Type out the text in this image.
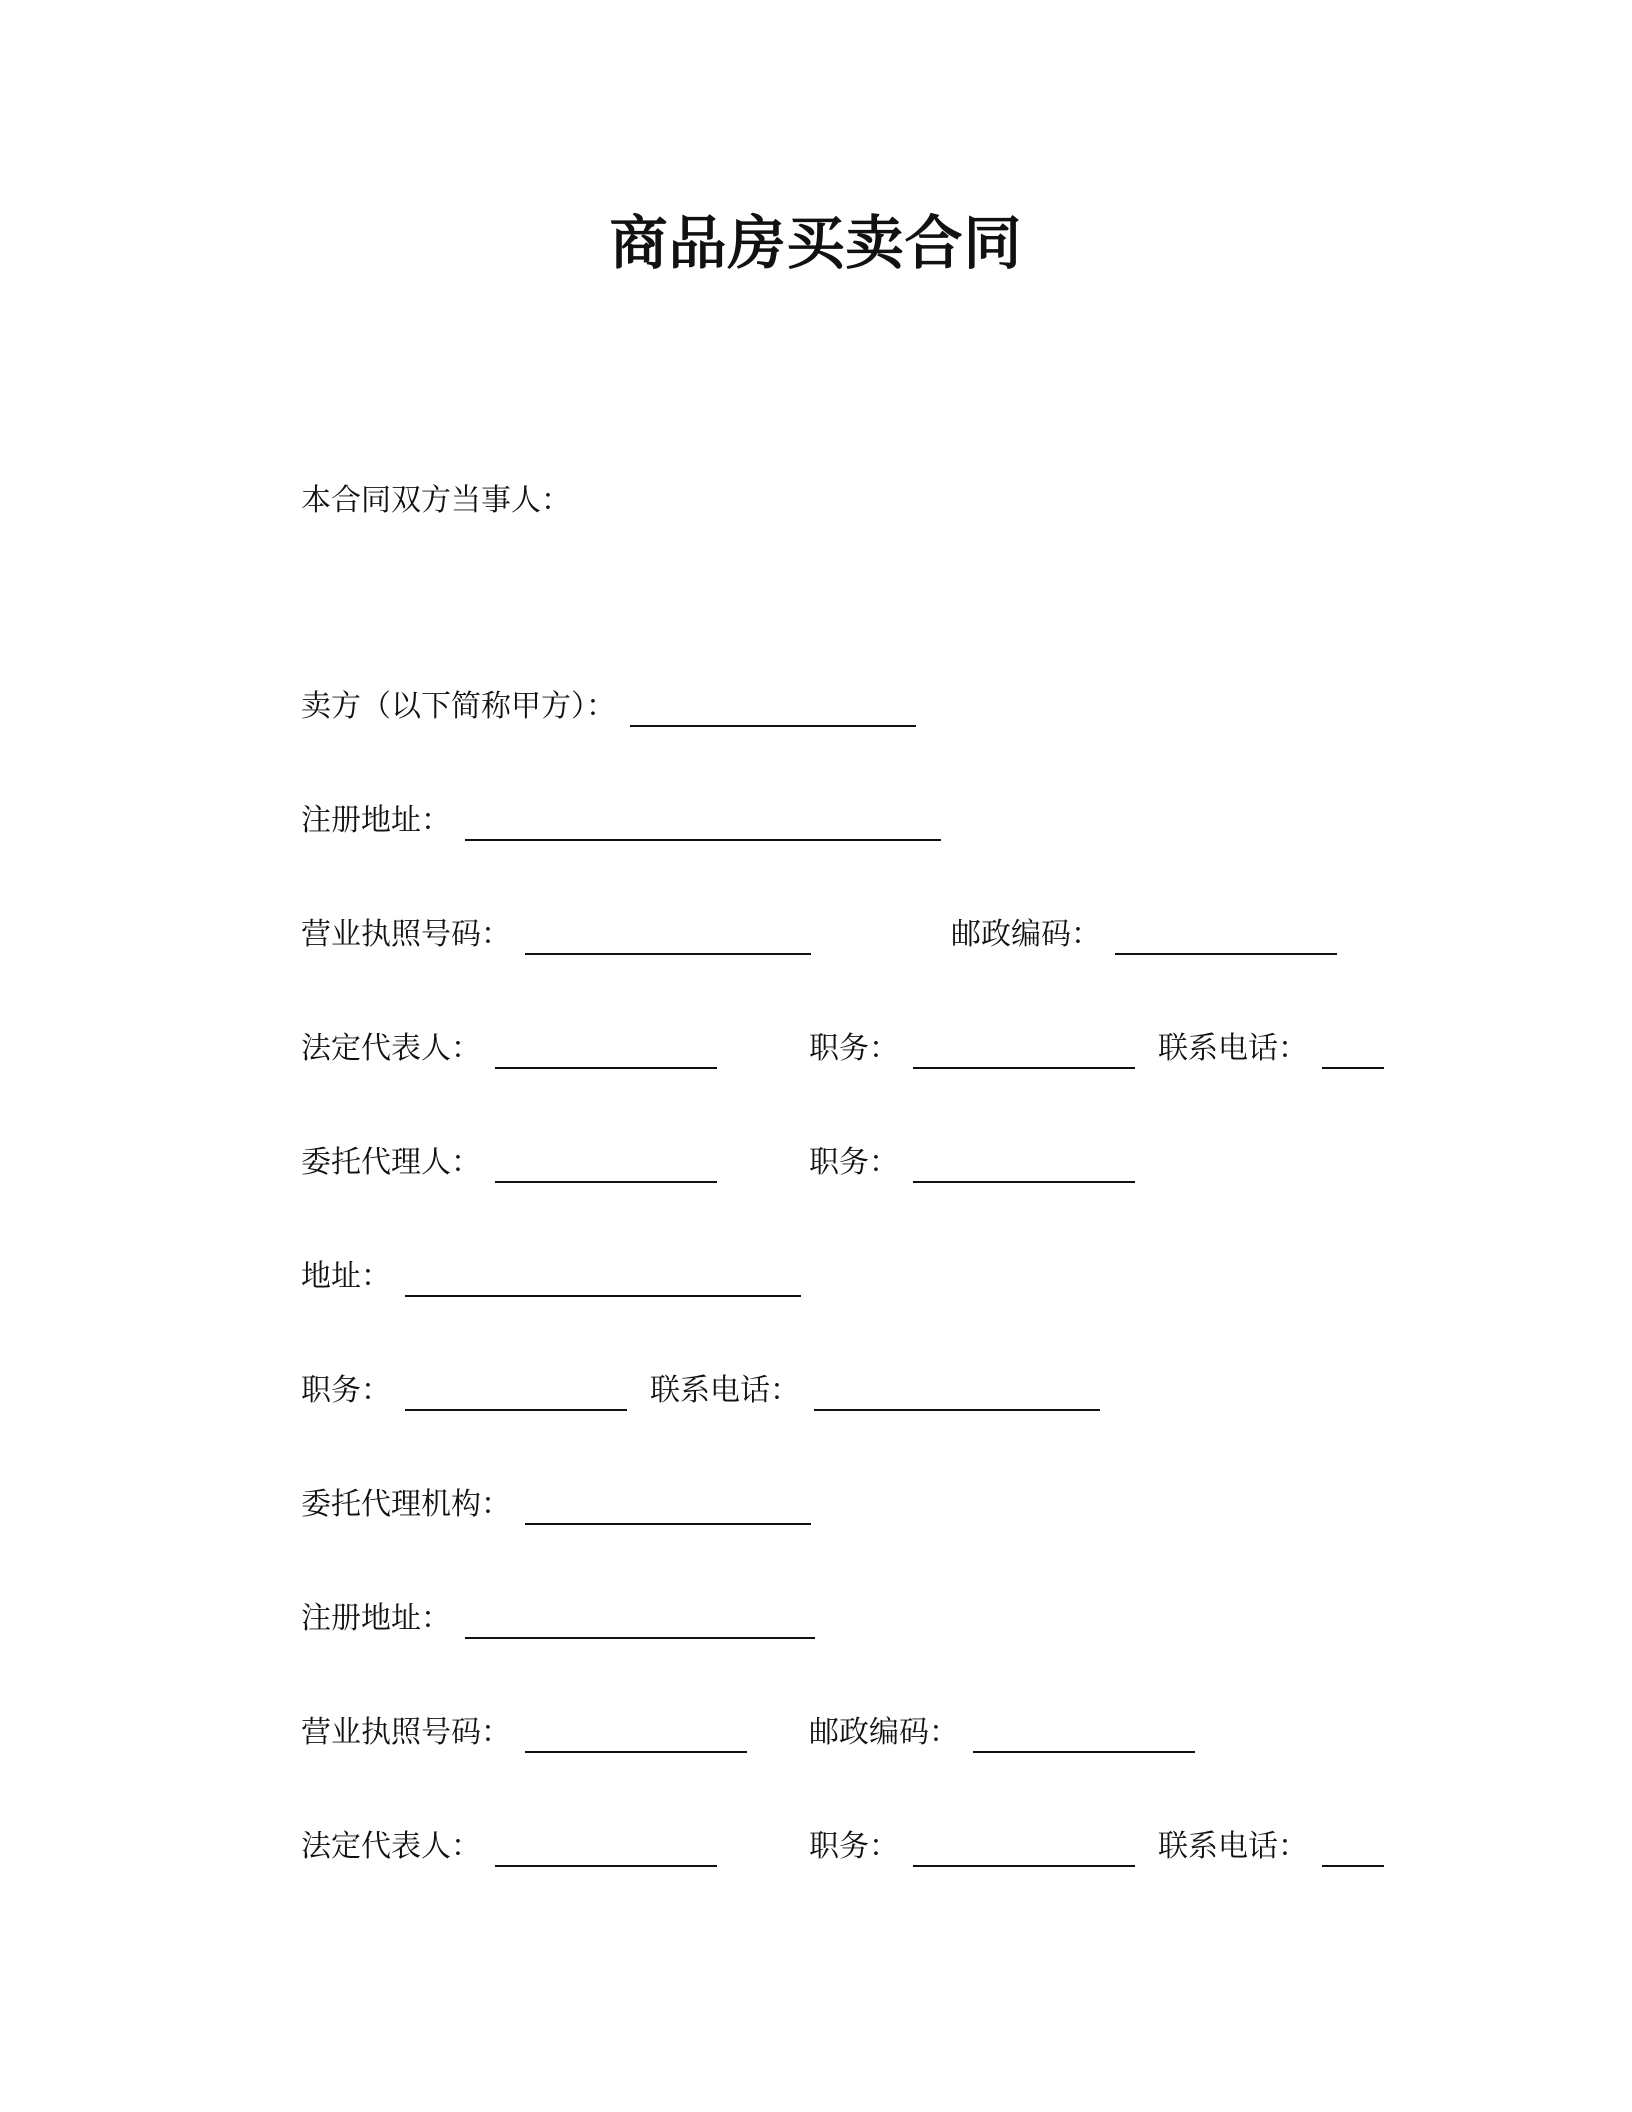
商品房买卖合同
本合同双方当事人：
卖方（以下简称甲方）：
注册地址：
营业执照号码：	邮政编码：
法定代表人：	职务：	联系电话：
委托代理人：	职务：
地址：
职务：	联系电话：
委托代理机构：
注册地址：
营业执照号码：	邮政编码：
法定代表人：	职务：	联系电话：
